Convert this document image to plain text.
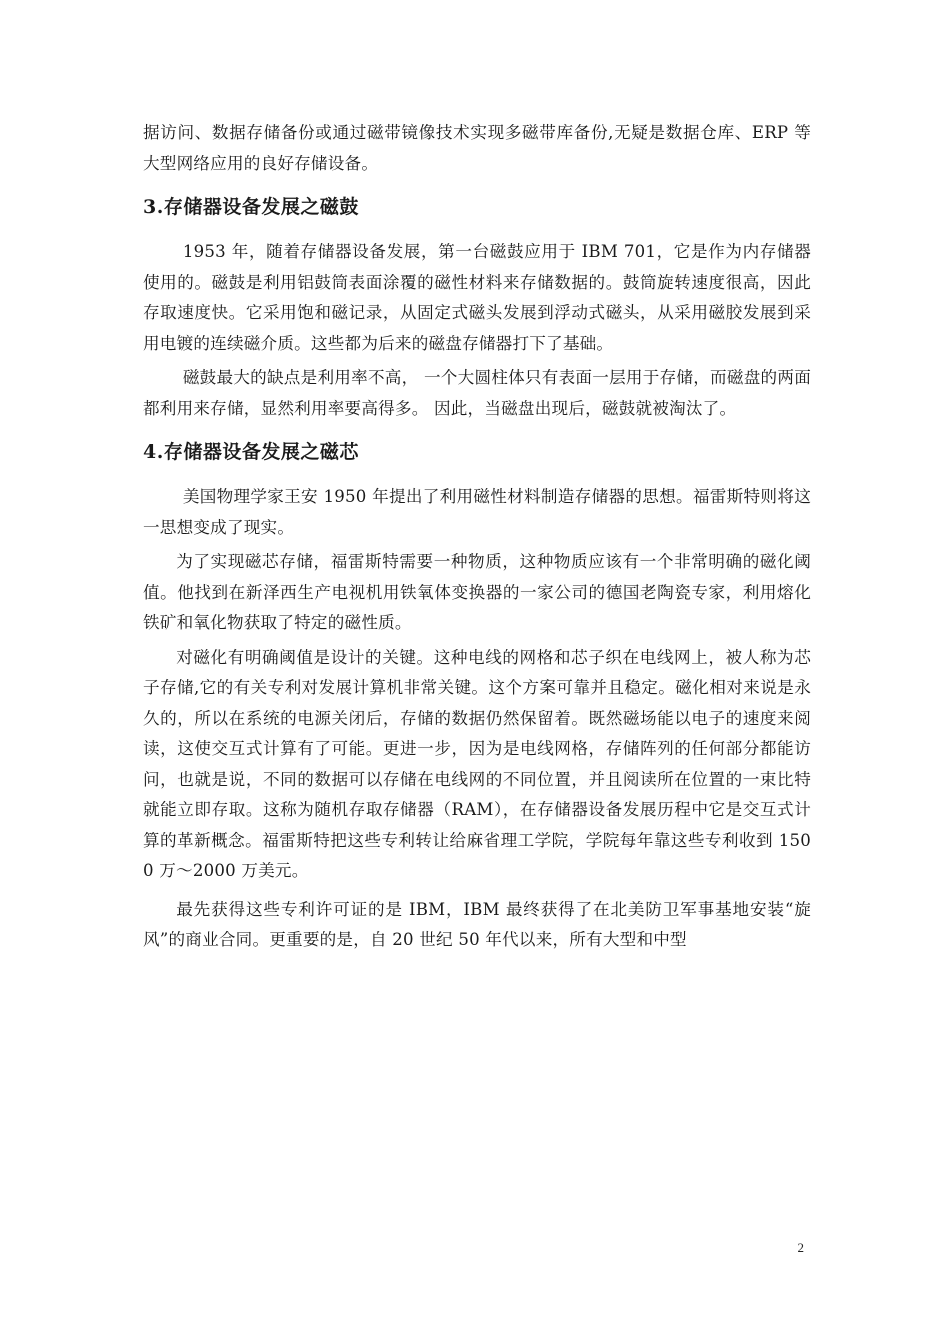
据访问、数据存储备份或通过磁带镜像技术实现多磁带库备份,无疑是数据仓库、ERP 等大型网络应用的良好存储设备。

3.存储器设备发展之磁鼓

1953 年，随着存储器设备发展，第一台磁鼓应用于 IBM 701，它是作为内存储器使用的。磁鼓是利用铝鼓筒表面涂覆的磁性材料来存储数据的。鼓筒旋转速度很高，因此存取速度快。它采用饱和磁记录，从固定式磁头发展到浮动式磁头，从采用磁胶发展到采用电镀的连续磁介质。这些都为后来的磁盘存储器打下了基础。

磁鼓最大的缺点是利用率不高， 一个大圆柱体只有表面一层用于存储，而磁盘的两面都利用来存储，显然利用率要高得多。 因此，当磁盘出现后，磁鼓就被淘汰了。

4.存储器设备发展之磁芯

美国物理学家王安 1950 年提出了利用磁性材料制造存储器的思想。福雷斯特则将这一思想变成了现实。

为了实现磁芯存储，福雷斯特需要一种物质，这种物质应该有一个非常明确的磁化阈值。他找到在新泽西生产电视机用铁氧体变换器的一家公司的德国老陶瓷专家，利用熔化铁矿和氧化物获取了特定的磁性质。

对磁化有明确阈值是设计的关键。这种电线的网格和芯子织在电线网上，被人称为芯子存储,它的有关专利对发展计算机非常关键。这个方案可靠并且稳定。磁化相对来说是永久的，所以在系统的电源关闭后，存储的数据仍然保留着。既然磁场能以电子的速度来阅读，这使交互式计算有了可能。更进一步，因为是电线网格，存储阵列的任何部分都能访问，也就是说，不同的数据可以存储在电线网的不同位置，并且阅读所在位置的一束比特就能立即存取。这称为随机存取存储器（RAM），在存储器设备发展历程中它是交互式计算的革新概念。福雷斯特把这些专利转让给麻省理工学院，学院每年靠这些专利收到 1500 万～2000 万美元。

最先获得这些专利许可证的是 IBM，IBM 最终获得了在北美防卫军事基地安装“旋风”的商业合同。更重要的是，自 20 世纪 50 年代以来，所有大型和中型

2
